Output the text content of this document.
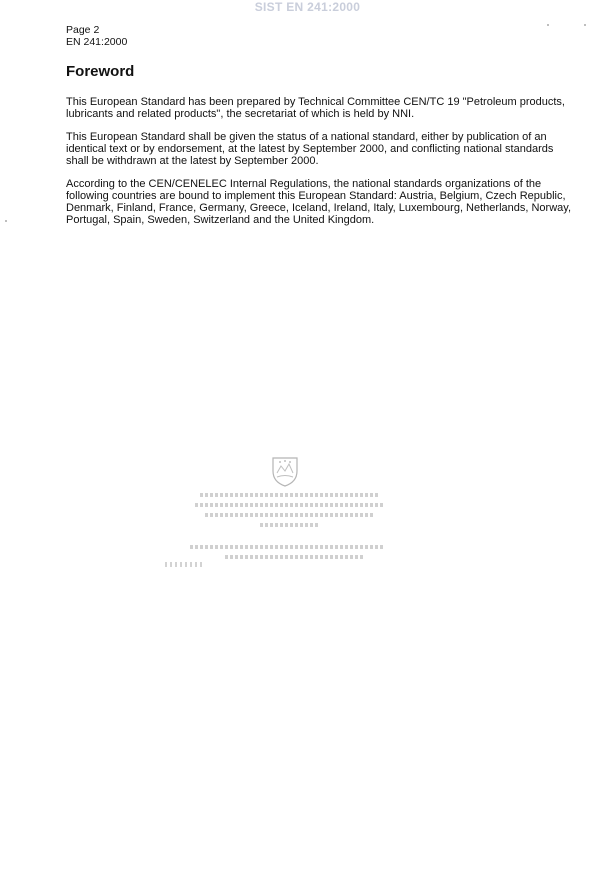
SIST EN 241:2000
Page 2
EN 241:2000
Foreword

This European Standard has been prepared by Technical Committee CEN/TC 19 "Petroleum products, lubricants and related products", the secretariat of which is held by NNI.

This European Standard shall be given the status of a national standard, either by publication of an identical text or by endorsement, at the latest by September 2000, and conflicting national standards shall be withdrawn at the latest by September 2000.

According to the CEN/CENELEC Internal Regulations, the national standards organizations of the following countries are bound to implement this European Standard: Austria, Belgium, Czech Republic, Denmark, Finland, France, Germany, Greece, Iceland, Ireland, Italy, Luxembourg, Netherlands, Norway, Portugal, Spain, Sweden, Switzerland and the United Kingdom.
